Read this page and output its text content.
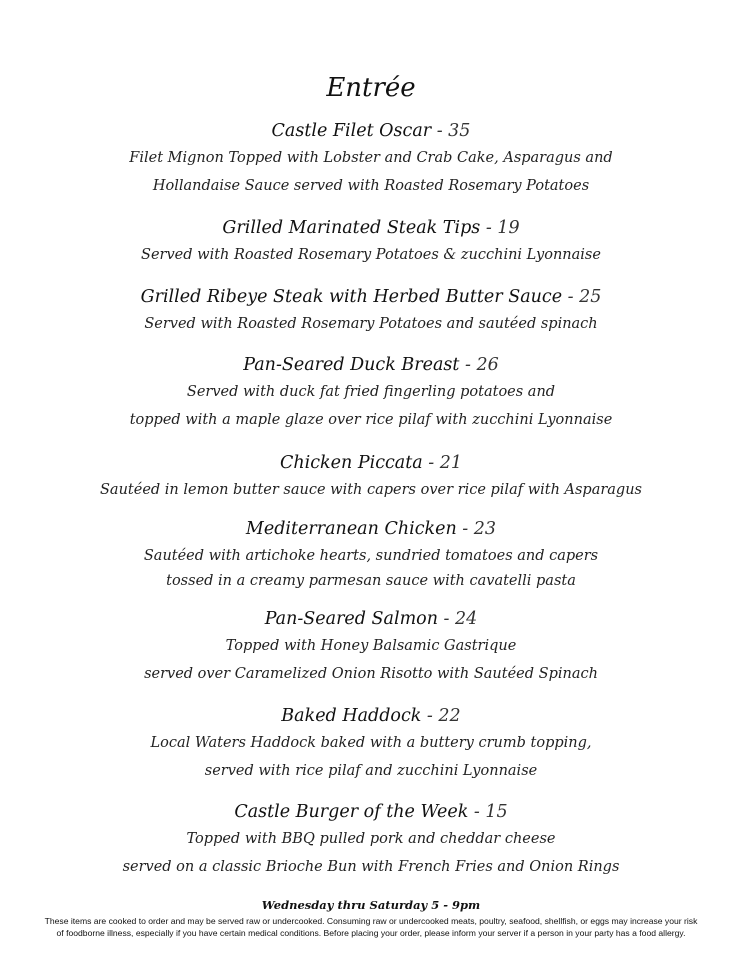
Entrée
Castle Filet Oscar - 35
Filet Mignon Topped with Lobster and Crab Cake, Asparagus and
Hollandaise Sauce served with Roasted Rosemary Potatoes
Grilled Marinated Steak Tips - 19
Served with Roasted Rosemary Potatoes & zucchini Lyonnaise
Grilled Ribeye Steak with Herbed Butter Sauce - 25
Served with Roasted Rosemary Potatoes and sautéed spinach
Pan-Seared Duck Breast - 26
Served with duck fat fried fingerling potatoes and
topped with a maple glaze over rice pilaf with zucchini Lyonnaise
Chicken Piccata - 21
Sautéed in lemon butter sauce with capers over rice pilaf with Asparagus
Mediterranean Chicken - 23
Sautéed with artichoke hearts, sundried tomatoes and capers
tossed in a creamy parmesan sauce with cavatelli pasta
Pan-Seared Salmon - 24
Topped with Honey Balsamic Gastrique
served over Caramelized Onion Risotto with Sautéed Spinach
Baked Haddock - 22
Local Waters Haddock baked with a buttery crumb topping,
served with rice pilaf and zucchini Lyonnaise
Castle Burger of the Week - 15
Topped with BBQ pulled pork and cheddar cheese
served on a classic Brioche Bun with French Fries and Onion Rings
Wednesday thru Saturday 5 - 9pm
These items are cooked to order and may be served raw or undercooked. Consuming raw or undercooked meats, poultry, seafood, shellfish, or eggs may increase your risk
of foodborne illness, especially if you have certain medical conditions. Before placing your order, please inform your server if a person in your party has a food allergy.
